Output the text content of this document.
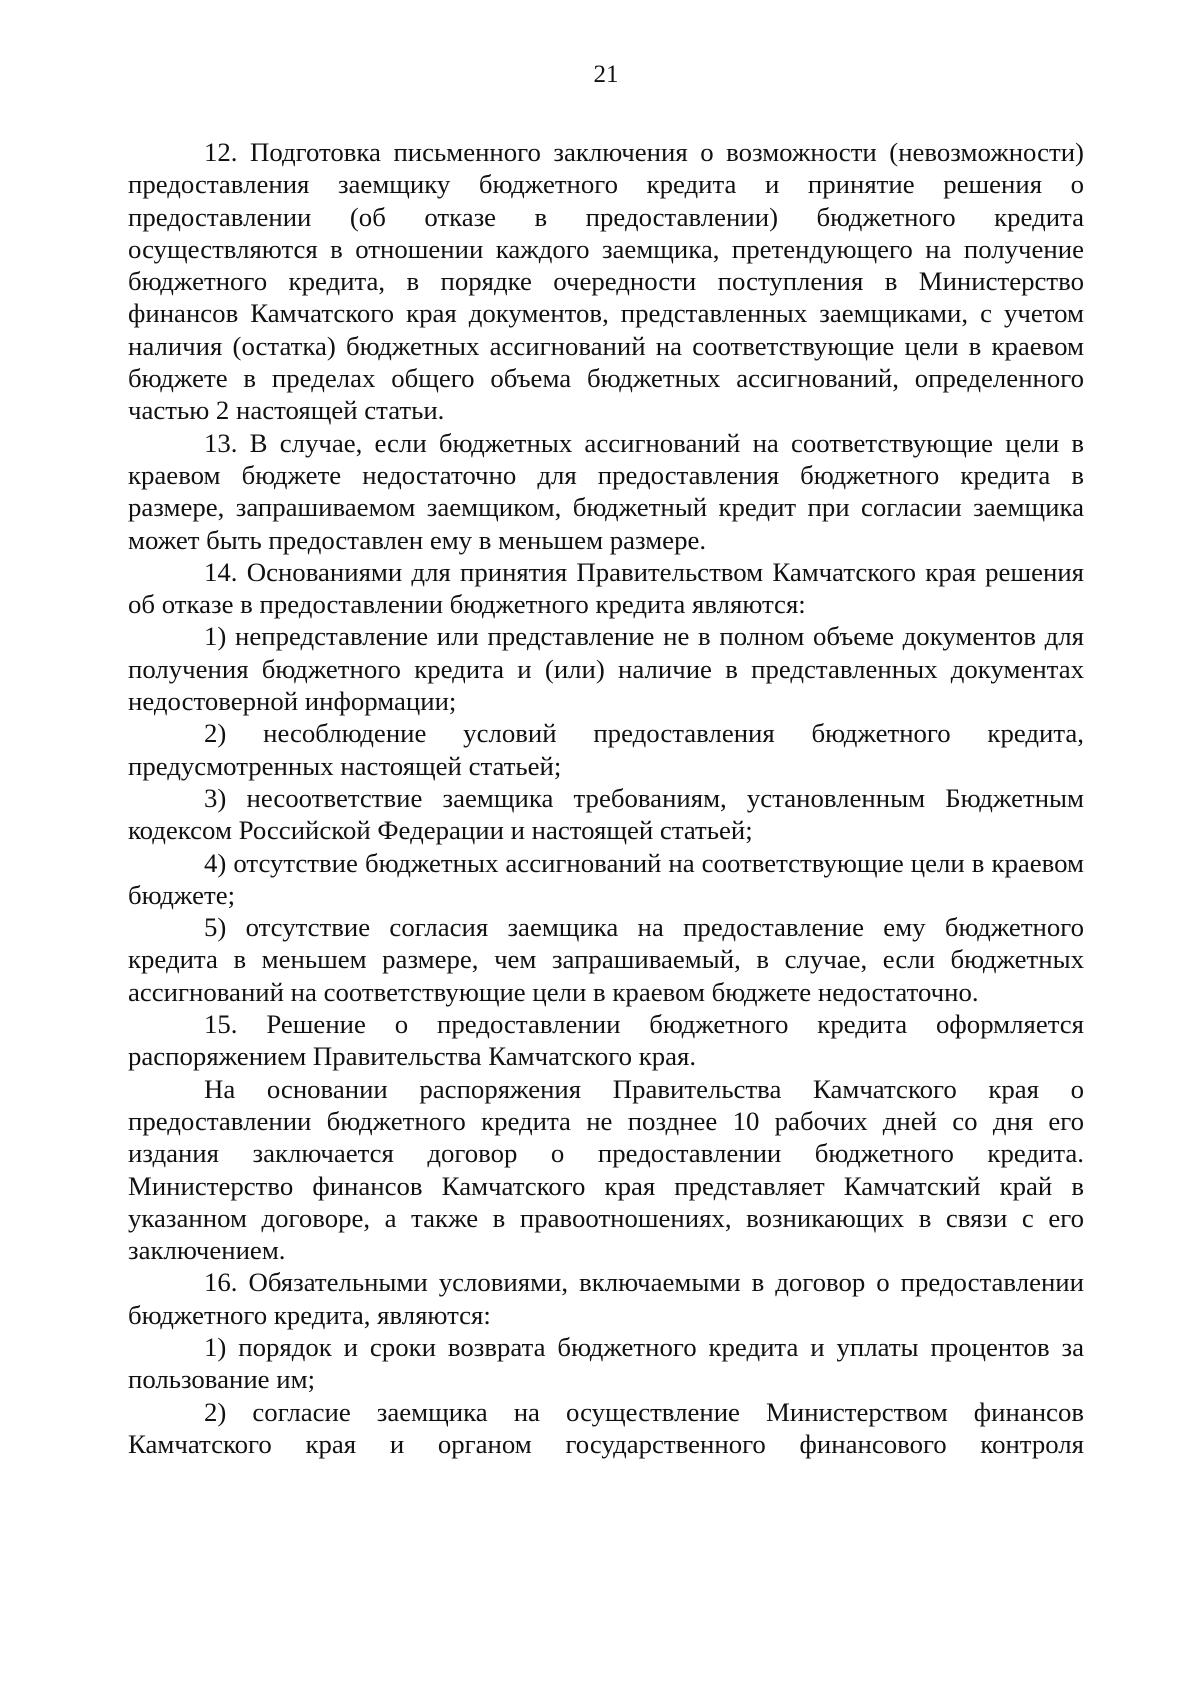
21

12. Подготовка письменного заключения о возможности (невозможности) предоставления заемщику бюджетного кредита и принятие решения о предоставлении (об отказе в предоставлении) бюджетного кредита осуществляются в отношении каждого заемщика, претендующего на получение бюджетного кредита, в порядке очередности поступления в Министерство финансов Камчатского края документов, представленных заемщиками, с учетом наличия (остатка) бюджетных ассигнований на соответствующие цели в краевом бюджете в пределах общего объема бюджетных ассигнований, определенного частью 2 настоящей статьи.

13. В случае, если бюджетных ассигнований на соответствующие цели в краевом бюджете недостаточно для предоставления бюджетного кредита в размере, запрашиваемом заемщиком, бюджетный кредит при согласии заемщика может быть предоставлен ему в меньшем размере.

14. Основаниями для принятия Правительством Камчатского края решения об отказе в предоставлении бюджетного кредита являются:

1) непредставление или представление не в полном объеме документов для получения бюджетного кредита и (или) наличие в представленных документах недостоверной информации;

2) несоблюдение условий предоставления бюджетного кредита, предусмотренных настоящей статьей;

3) несоответствие заемщика требованиям, установленным Бюджетным кодексом Российской Федерации и настоящей статьей;

4) отсутствие бюджетных ассигнований на соответствующие цели в краевом бюджете;

5) отсутствие согласия заемщика на предоставление ему бюджетного кредита в меньшем размере, чем запрашиваемый, в случае, если бюджетных ассигнований на соответствующие цели в краевом бюджете недостаточно.

15. Решение о предоставлении бюджетного кредита оформляется распоряжением Правительства Камчатского края.

На основании распоряжения Правительства Камчатского края о предоставлении бюджетного кредита не позднее 10 рабочих дней со дня его издания заключается договор о предоставлении бюджетного кредита. Министерство финансов Камчатского края представляет Камчатский край в указанном договоре, а также в правоотношениях, возникающих в связи с его заключением.

16. Обязательными условиями, включаемыми в договор о предоставлении бюджетного кредита, являются:

1) порядок и сроки возврата бюджетного кредита и уплаты процентов за пользование им;

2) согласие заемщика на осуществление Министерством финансов Камчатского края и органом государственного финансового контроля
